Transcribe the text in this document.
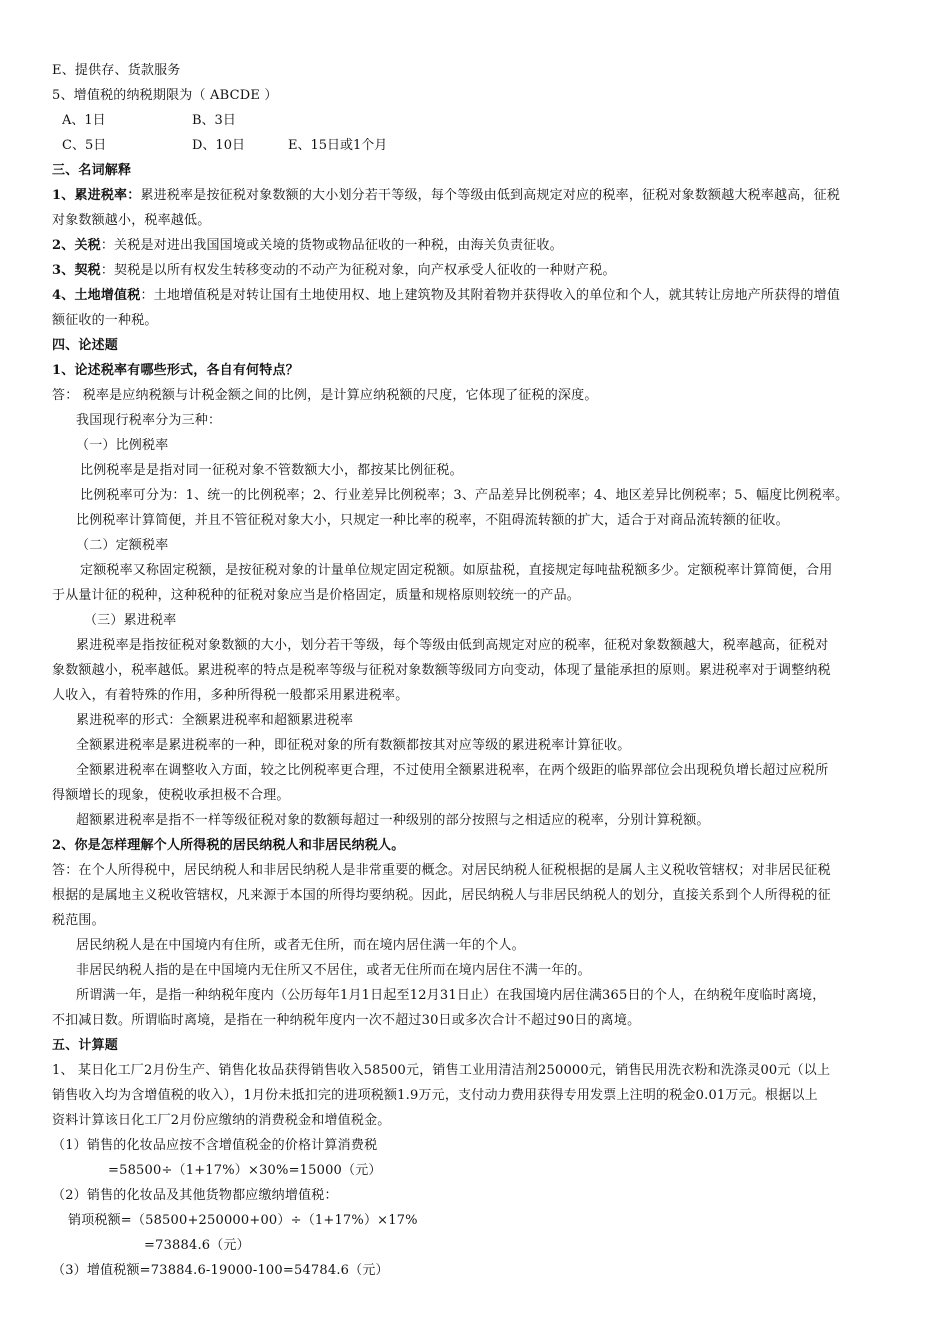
E、提供存、货款服务
5、增值税的纳税期限为（ ABCDE ）
A、1日	B、3日
C、5日	D、10日	E、15日或1个月
三、名词解释
1、累进税率：累进税率是按征税对象数额的大小划分若干等级，每个等级由低到高规定对应的税率，征税对象数额越大税率越高，征税
对象数额越小，税率越低。
2、关税：关税是对进出我国国境或关境的货物或物品征收的一种税，由海关负责征收。
3、契税：契税是以所有权发生转移变动的不动产为征税对象，向产权承受人征收的一种财产税。
4、土地增值税：土地增值税是对转让国有土地使用权、地上建筑物及其附着物并获得收入的单位和个人，就其转让房地产所获得的增值
额征收的一种税。
四、论述题
1、论述税率有哪些形式，各自有何特点？
答： 税率是应纳税额与计税金额之间的比例，是计算应纳税额的尺度，它体现了征税的深度。
我国现行税率分为三种：
（一）比例税率
比例税率是是指对同一征税对象不管数额大小，都按某比例征税。
比例税率可分为：1、统一的比例税率；2、行业差异比例税率；3、产品差异比例税率；4、地区差异比例税率；5、幅度比例税率。
比例税率计算简便，并且不管征税对象大小，只规定一种比率的税率，不阻碍流转额的扩大，适合于对商品流转额的征收。
（二）定额税率
定额税率又称固定税额，是按征税对象的计量单位规定固定税额。如原盐税，直接规定每吨盐税额多少。定额税率计算简便，合用
于从量计征的税种，这种税种的征税对象应当是价格固定，质量和规格原则较统一的产品。
（三）累进税率
累进税率是指按征税对象数额的大小，划分若干等级，每个等级由低到高规定对应的税率，征税对象数额越大，税率越高，征税对
象数额越小，税率越低。累进税率的特点是税率等级与征税对象数额等级同方向变动，体现了量能承担的原则。累进税率对于调整纳税
人收入，有着特殊的作用，多种所得税一般都采用累进税率。
累进税率的形式：全额累进税率和超额累进税率
全额累进税率是累进税率的一种，即征税对象的所有数额都按其对应等级的累进税率计算征收。
全额累进税率在调整收入方面，较之比例税率更合理，不过使用全额累进税率，在两个级距的临界部位会出现税负增长超过应税所
得额增长的现象，使税收承担极不合理。
超额累进税率是指不一样等级征税对象的数额每超过一种级别的部分按照与之相适应的税率，分别计算税额。
2、你是怎样理解个人所得税的居民纳税人和非居民纳税人。
答：在个人所得税中，居民纳税人和非居民纳税人是非常重要的概念。对居民纳税人征税根据的是属人主义税收管辖权；对非居民征税
根据的是属地主义税收管辖权，凡来源于本国的所得均要纳税。因此，居民纳税人与非居民纳税人的划分，直接关系到个人所得税的征
税范围。
居民纳税人是在中国境内有住所，或者无住所，而在境内居住满一年的个人。
非居民纳税人指的是在中国境内无住所又不居住，或者无住所而在境内居住不满一年的。
所谓满一年，是指一种纳税年度内（公历每年1月1日起至12月31日止）在我国境内居住满365日的个人，在纳税年度临时离境，
不扣减日数。所谓临时离境，是指在一种纳税年度内一次不超过30日或多次合计不超过90日的离境。
五、计算题
1、 某日化工厂2月份生产、销售化妆品获得销售收入58500元，销售工业用清洁剂250000元，销售民用洗衣粉和洗涤灵00元（以上
销售收入均为含增值税的收入），1月份未抵扣完的进项税额1.9万元，支付动力费用获得专用发票上注明的税金0.01万元。根据以上
资料计算该日化工厂2月份应缴纳的消费税金和增值税金。
（1）销售的化妆品应按不含增值税金的价格计算消费税
=58500÷（1+17%）×30%=15000（元）
（2）销售的化妆品及其他货物都应缴纳增值税：
销项税额=（58500+250000+00）÷（1+17%）×17%
=73884.6（元）
（3）增值税额=73884.6-19000-100=54784.6（元）
